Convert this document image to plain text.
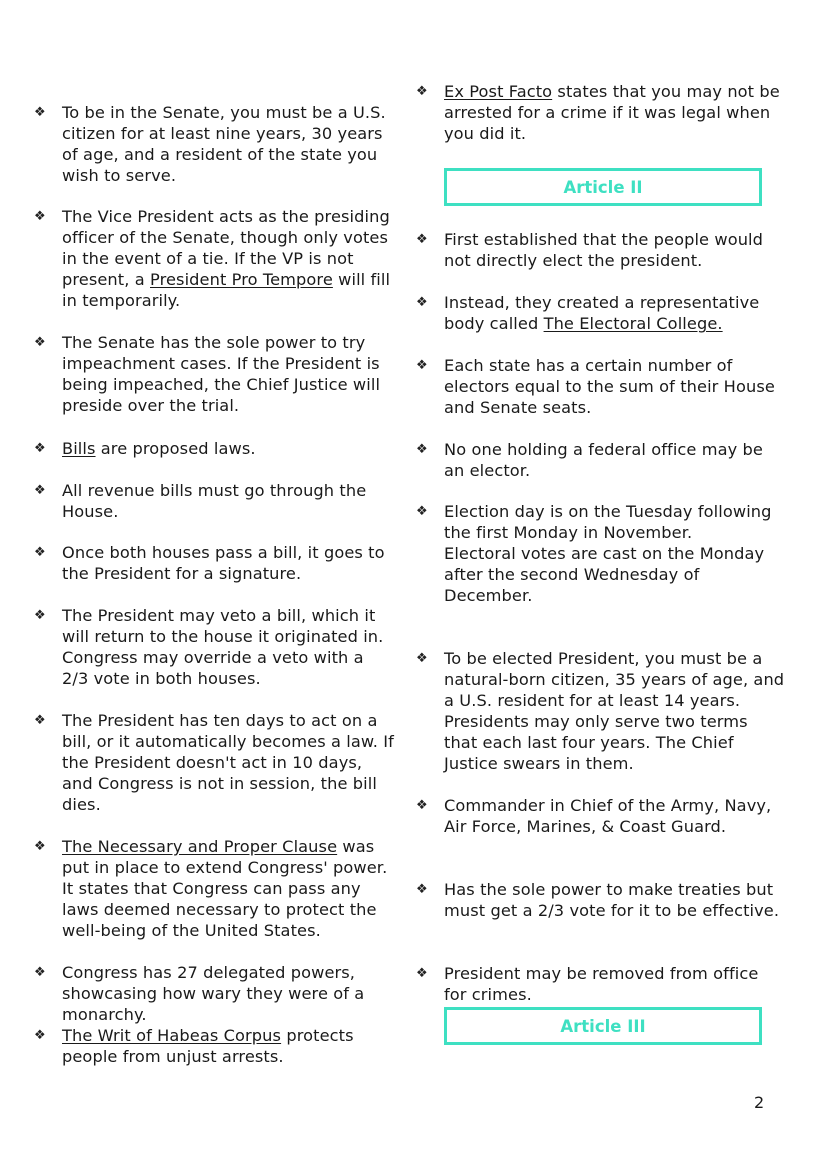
❖	To be in the Senate, you must be a U.S. citizen for at least nine years, 30 years of age, and a resident of the state you wish to serve.
❖	The Vice President acts as the presiding officer of the Senate, though only votes in the event of a tie. If the VP is not present, a President Pro Tempore will fill in temporarily.
❖	The Senate has the sole power to try impeachment cases. If the President is being impeached, the Chief Justice will preside over the trial.
❖	Bills are proposed laws.
❖	All revenue bills must go through the House.
❖	Once both houses pass a bill, it goes to the President for a signature.
❖	The President may veto a bill, which it will return to the house it originated in. Congress may override a veto with a 2/3 vote in both houses.
❖	The President has ten days to act on a bill, or it automatically becomes a law. If the President doesn't act in 10 days, and Congress is not in session, the bill dies.
❖	The Necessary and Proper Clause was put in place to extend Congress' power. It states that Congress can pass any laws deemed necessary to protect the well-being of the United States.
❖	Congress has 27 delegated powers, showcasing how wary they were of a monarchy.
❖	The Writ of Habeas Corpus protects people from unjust arrests.
❖	Ex Post Facto states that you may not be arrested for a crime if it was legal when you did it.
Article II
❖	First established that the people would not directly elect the president.
❖	Instead, they created a representative body called The Electoral College.
❖	Each state has a certain number of electors equal to the sum of their House and Senate seats.
❖	No one holding a federal office may be an elector.
❖	Election day is on the Tuesday following the first Monday in November.
Electoral votes are cast on the Monday after the second Wednesday of December.
❖	To be elected President, you must be a natural-born citizen, 35 years of age, and a U.S. resident for at least 14 years. Presidents may only serve two terms that each last four years. The Chief Justice swears in them.
❖	Commander in Chief of the Army, Navy, Air Force, Marines, & Coast Guard.
❖	Has the sole power to make treaties but must get a 2/3 vote for it to be effective.
❖	President may be removed from office for crimes.
Article III
2
